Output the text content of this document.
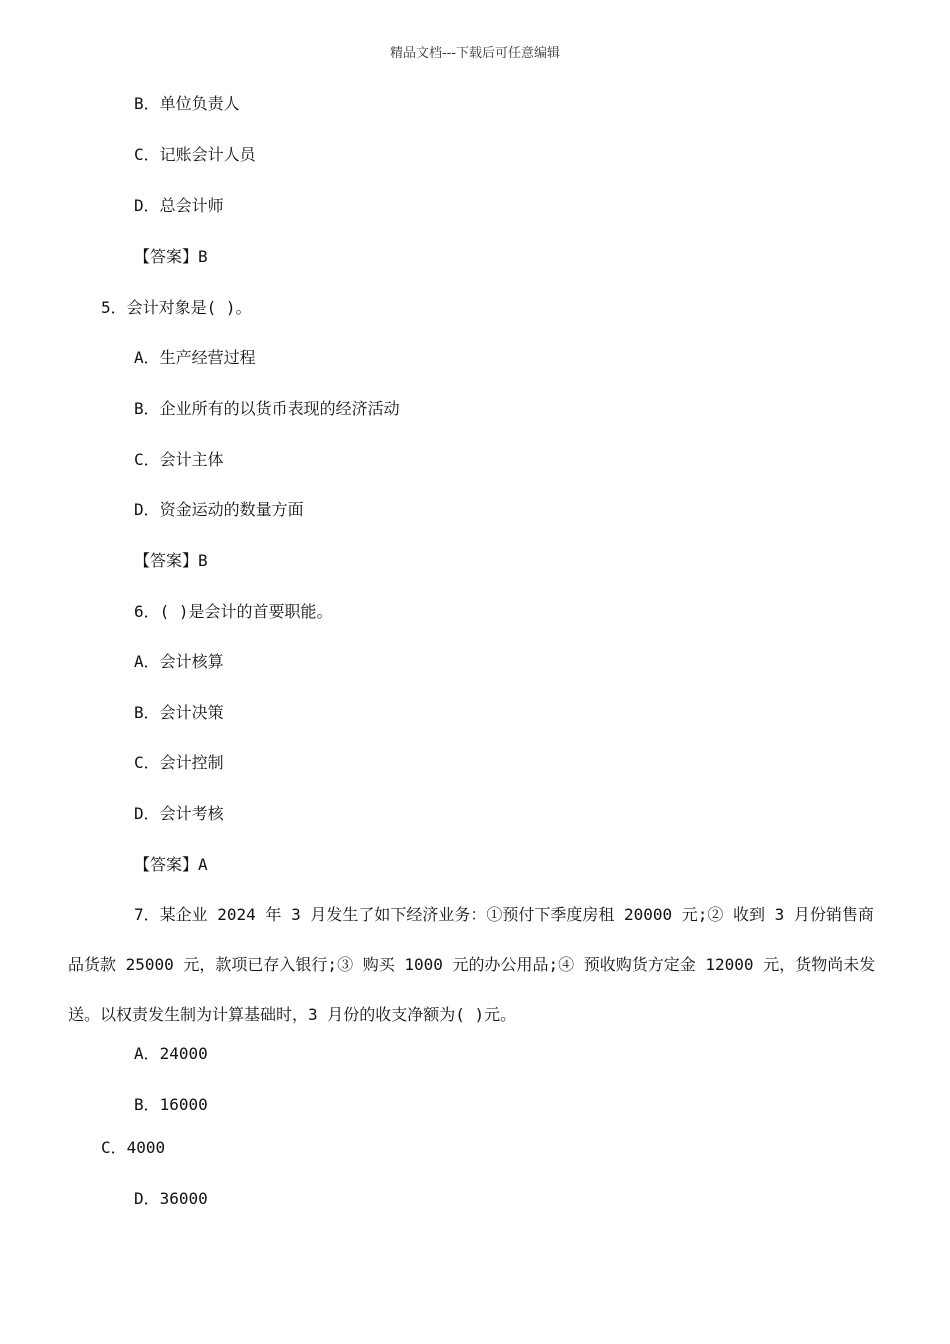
精品文档---下载后可任意编辑
B．单位负责人
C．记账会计人员
D．总会计师
【答案】B
5．会计对象是( )。
A．生产经营过程
B．企业所有的以货币表现的经济活动
C．会计主体
D．资金运动的数量方面
【答案】B
6．( )是会计的首要职能。
A．会计核算
B．会计决策
C．会计控制
D．会计考核
【答案】A
7．某企业 2024 年 3 月发生了如下经济业务：①预付下季度房租 20000 元;② 收到 3 月份销售商品货款 25000 元，款项已存入银行;③ 购买 1000 元的办公用品;④ 预收购货方定金 12000 元，货物尚未发送。以权责发生制为计算基础时，3 月份的收支净额为( )元。
A．24000
B．16000
C．4000
D．36000
